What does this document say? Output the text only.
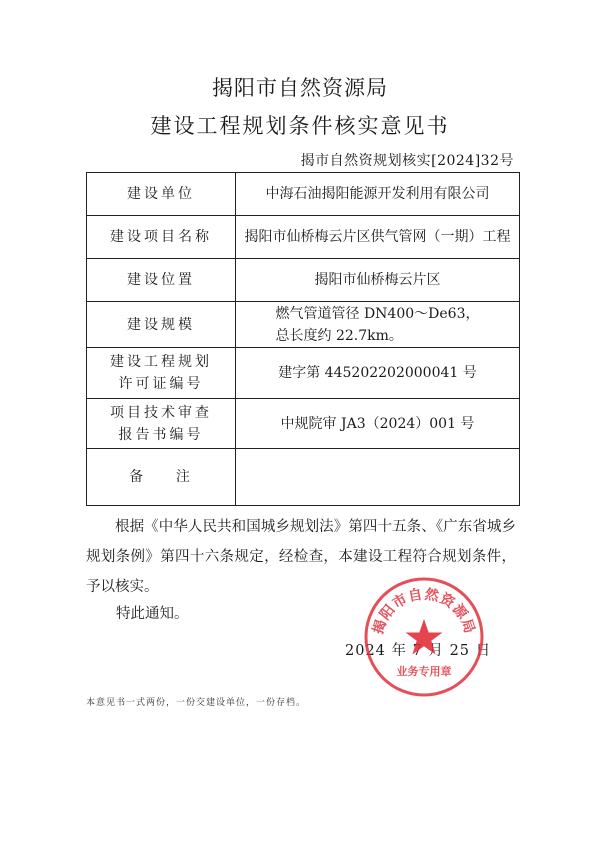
揭阳市自然资源局
建设工程规划条件核实意见书
揭市自然资规划核实[2024]32号
建设单位	中海石油揭阳能源开发利用有限公司
建设项目名称	揭阳市仙桥梅云片区供气管网（一期）工程
建设位置	揭阳市仙桥梅云片区
建设规模	燃气管道管径 DN400～De63，
总长度约 22.7km。
建设工程规划
许可证编号	建字第 445202202000041 号
项目技术审查
报告书编号	中规院审 JA3（2024）001 号
备    注	
根据《中华人民共和国城乡规划法》第四十五条、《广东省城乡规划条例》第四十六条规定，经检查，本建设工程符合规划条件，予以核实。
特此通知。
2024 年 7 月 25 日
揭阳市自然资源局
业务专用章
本意见书一式两份，一份交建设单位，一份存档。
